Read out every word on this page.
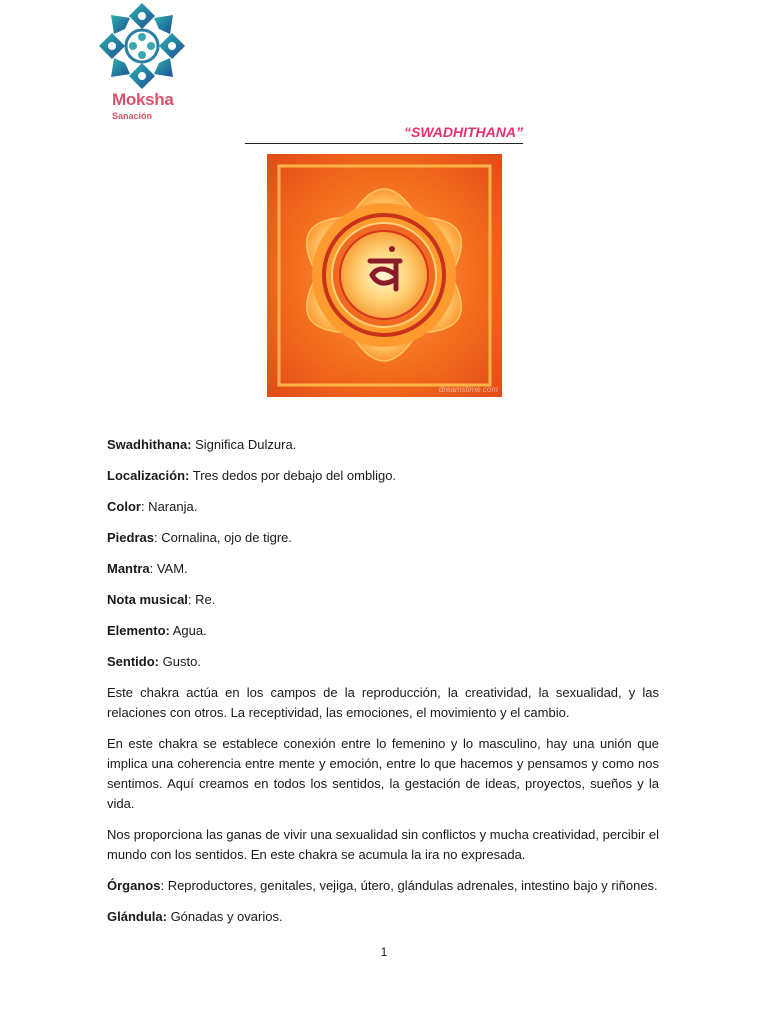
Moksha
Sanación
“SWADHITHANA”
dreamstime.com

Swadhithana: Significa Dulzura.

Localización: Tres dedos por debajo del ombligo.

Color: Naranja.

Piedras: Cornalina, ojo de tigre.

Mantra: VAM.

Nota musical: Re.

Elemento: Agua.

Sentido: Gusto.

Este chakra actúa en los campos de la reproducción, la creatividad, la sexualidad, y las relaciones con otros. La receptividad, las emociones, el movimiento y el cambio.

En este chakra se establece conexión entre lo femenino y lo masculino, hay una unión que implica una coherencia entre mente y emoción, entre lo que hacemos y pensamos y como nos sentimos. Aquí creamos en todos los sentidos, la gestación de ideas, proyectos, sueños y la vida.

Nos proporciona las ganas de vivir una sexualidad sin conflictos y mucha creatividad, percibir el mundo con los sentidos. En este chakra se acumula la ira no expresada.

Órganos: Reproductores, genitales, vejiga, útero, glándulas adrenales, intestino bajo y riñones.

Glándula: Gónadas y ovarios.

1
